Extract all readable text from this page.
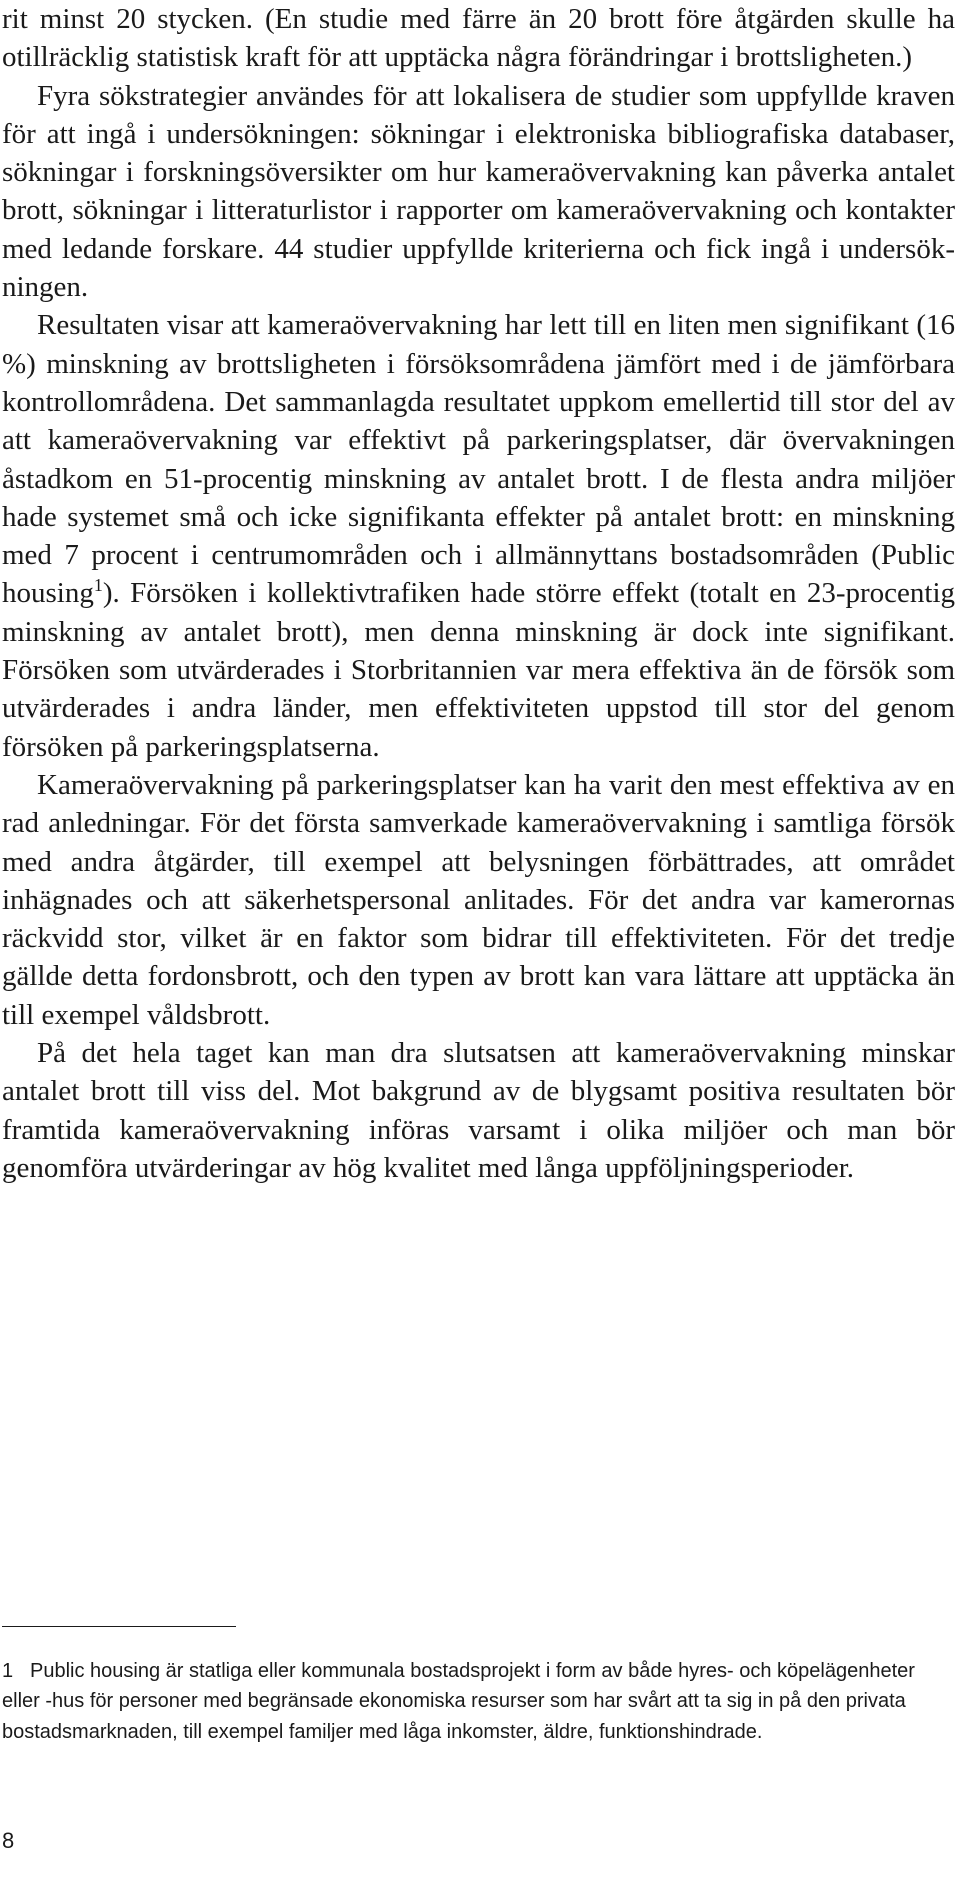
rit minst 20 stycken. (En studie med färre än 20 brott före åtgärden skulle ha otillräcklig statistisk kraft för att upptäcka några förändringar i brottsligheten.)

Fyra sökstrategier användes för att lokalisera de studier som uppfyllde kraven för att ingå i undersökningen: sökningar i elektroniska bibliografiska databaser, sökningar i forskningsöversikter om hur kameraövervakning kan påverka antalet brott, sökningar i litteraturlistor i rapporter om kameraövervakning och kontakter med ledande forskare. 44 studier uppfyllde kriterierna och fick ingå i undersökningen.

Resultaten visar att kameraövervakning har lett till en liten men signifikant (16 %) minskning av brottsligheten i försöksområdena jämfört med i de jämförbara kontrollområdena. Det sammanlagda resultatet uppkom emellertid till stor del av att kameraövervakning var effektivt på parkeringsplatser, där övervakningen åstadkom en 51-procentig minskning av antalet brott. I de flesta andra miljöer hade systemet små och icke signifikanta effekter på antalet brott: en minskning med 7 procent i centrumområden och i allmännyttans bostadsområden (Public housing$^1$). Försöken i kollektivtrafiken hade större effekt (totalt en 23-procentig minskning av antalet brott), men denna minskning är dock inte signifikant. Försöken som utvärderades i Storbritannien var mera effektiva än de försök som utvärderades i andra länder, men effektiviteten uppstod till stor del genom försöken på parkeringsplatserna.

Kameraövervakning på parkeringsplatser kan ha varit den mest effektiva av en rad anledningar. För det första samverkade kameraövervakning i samtliga försök med andra åtgärder, till exempel att belysningen förbättrades, att området inhägnades och att säkerhetspersonal anlitades. För det andra var kamerornas räckvidd stor, vilket är en faktor som bidrar till effektiviteten. För det tredje gällde detta fordonsbrott, och den typen av brott kan vara lättare att upptäcka än till exempel våldsbrott.

På det hela taget kan man dra slutsatsen att kameraövervakning minskar antalet brott till viss del. Mot bakgrund av de blygsamt positiva resultaten bör framtida kameraövervakning införas varsamt i olika miljöer och man bör genomföra utvärderingar av hög kvalitet med långa uppföljningsperioder.

1 Public housing är statliga eller kommunala bostadsprojekt i form av både hyres- och köpelägenheter eller -hus för personer med begränsade ekonomiska resurser som har svårt att ta sig in på den privata bostadsmarknaden, till exempel familjer med låga inkomster, äldre, funktionshindrade.
8
